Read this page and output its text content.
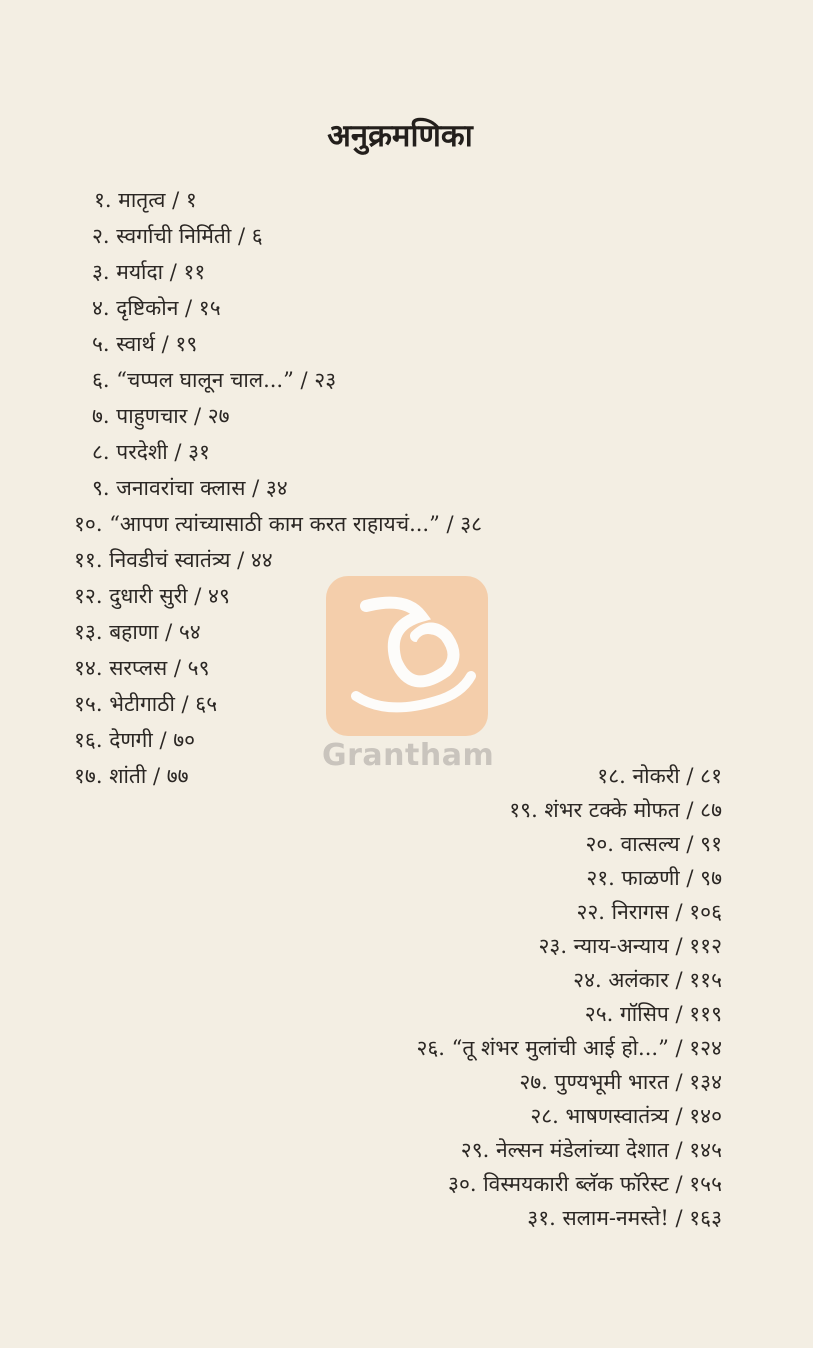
अनुक्रमणिका
Grantham
१. मातृत्व / १
२. स्वर्गाची निर्मिती / ६
३. मर्यादा / ११
४. दृष्टिकोन / १५
५. स्वार्थ / १९
६. “चप्पल घालून चाल...” / २३
७. पाहुणचार / २७
८. परदेशी / ३१
९. जनावरांचा क्लास / ३४
१०. “आपण त्यांच्यासाठी काम करत राहायचं...” / ३८
११. निवडीचं स्वातंत्र्य / ४४
१२. दुधारी सुरी / ४९
१३. बहाणा / ५४
१४. सरप्लस / ५९
१५. भेटीगाठी / ६५
१६. देणगी / ७०
१७. शांती / ७७	१८. नोकरी / ८१
१९. शंभर टक्के मोफत / ८७
२०. वात्सल्य / ९१
२१. फाळणी / ९७
२२. निरागस / १०६
२३. न्याय-अन्याय / ११२
२४. अलंकार / ११५
२५. गॉसिप / ११९
२६. “तू शंभर मुलांची आई हो...” / १२४
२७. पुण्यभूमी भारत / १३४
२८. भाषणस्वातंत्र्य / १४०
२९. नेल्सन मंडेलांच्या देशात / १४५
३०. विस्मयकारी ब्लॅक फॉरेस्ट / १५५
३१. सलाम-नमस्ते! / १६३
